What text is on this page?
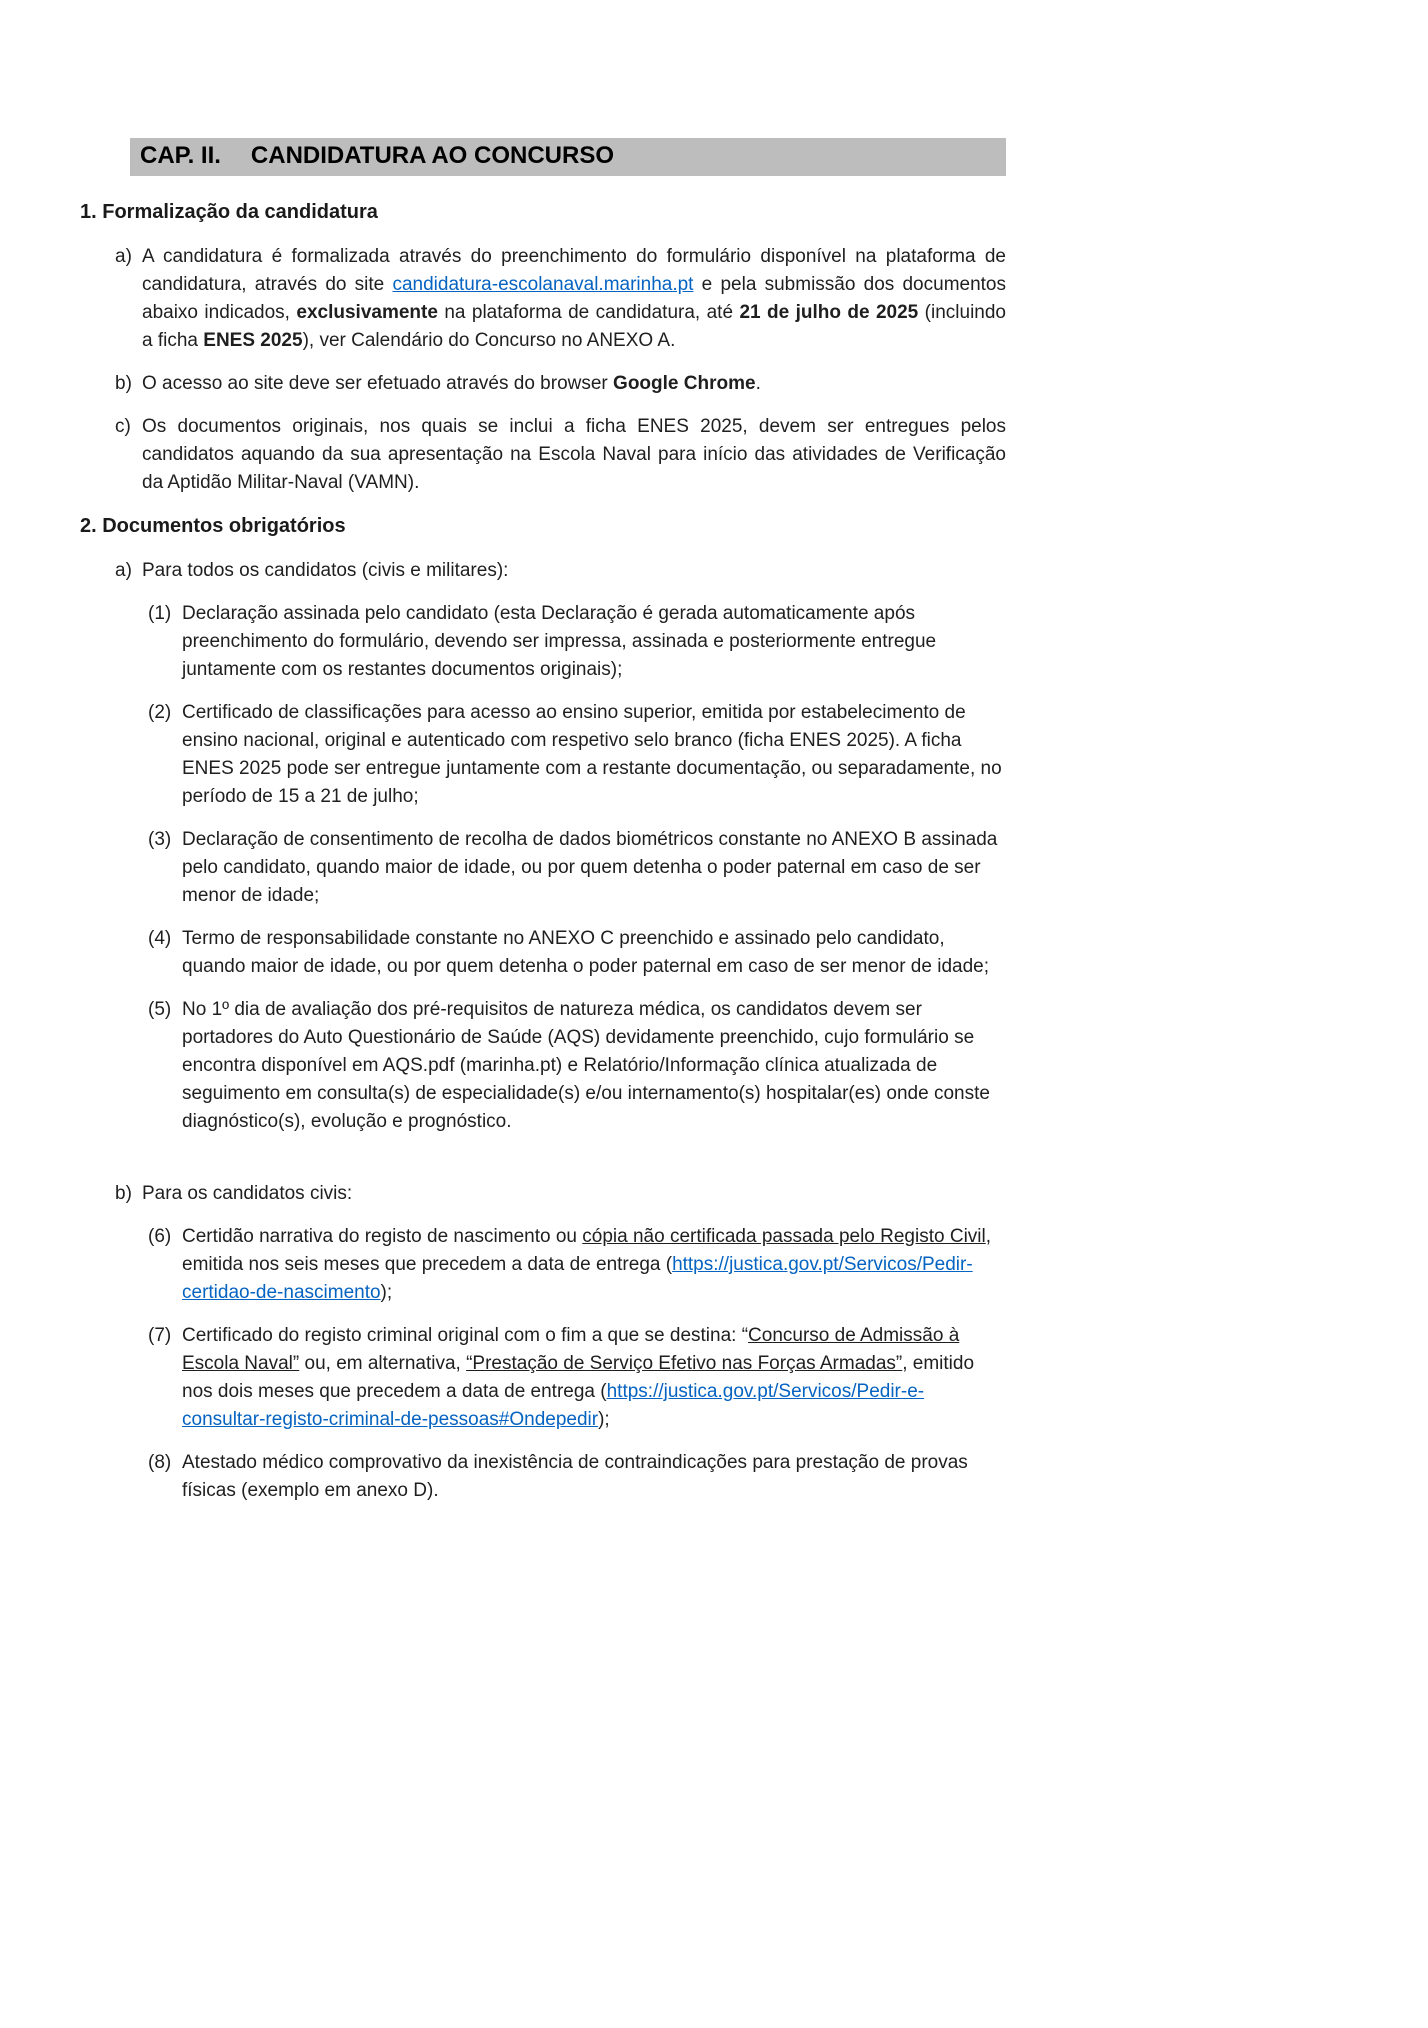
CAP. II. CANDIDATURA AO CONCURSO
1. Formalização da candidatura
a) A candidatura é formalizada através do preenchimento do formulário disponível na plataforma de candidatura, através do site candidatura-escolanaval.marinha.pt e pela submissão dos documentos abaixo indicados, exclusivamente na plataforma de candidatura, até 21 de julho de 2025 (incluindo a ficha ENES 2025), ver Calendário do Concurso no ANEXO A.

b) O acesso ao site deve ser efetuado através do browser Google Chrome.

c) Os documentos originais, nos quais se inclui a ficha ENES 2025, devem ser entregues pelos candidatos aquando da sua apresentação na Escola Naval para início das atividades de Verificação da Aptidão Militar-Naval (VAMN).

2. Documentos obrigatórios
a) Para todos os candidatos (civis e militares):

(1) Declaração assinada pelo candidato (esta Declaração é gerada automaticamente após preenchimento do formulário, devendo ser impressa, assinada e posteriormente entregue juntamente com os restantes documentos originais);

(2) Certificado de classificações para acesso ao ensino superior, emitida por estabelecimento de ensino nacional, original e autenticado com respetivo selo branco (ficha ENES 2025). A ficha ENES 2025 pode ser entregue juntamente com a restante documentação, ou separadamente, no período de 15 a 21 de julho;

(3) Declaração de consentimento de recolha de dados biométricos constante no ANEXO B assinada pelo candidato, quando maior de idade, ou por quem detenha o poder paternal em caso de ser menor de idade;

(4) Termo de responsabilidade constante no ANEXO C preenchido e assinado pelo candidato, quando maior de idade, ou por quem detenha o poder paternal em caso de ser menor de idade;

(5) No 1º dia de avaliação dos pré-requisitos de natureza médica, os candidatos devem ser portadores do Auto Questionário de Saúde (AQS) devidamente preenchido, cujo formulário se encontra disponível em AQS.pdf (marinha.pt) e Relatório/Informação clínica atualizada de seguimento em consulta(s) de especialidade(s) e/ou internamento(s) hospitalar(es) onde conste diagnóstico(s), evolução e prognóstico.

b) Para os candidatos civis:

(6) Certidão narrativa do registo de nascimento ou cópia não certificada passada pelo Registo Civil, emitida nos seis meses que precedem a data de entrega (https://justica.gov.pt/Servicos/Pedir-certidao-de-nascimento);

(7) Certificado do registo criminal original com o fim a que se destina: “Concurso de Admissão à Escola Naval” ou, em alternativa, “Prestação de Serviço Efetivo nas Forças Armadas”, emitido nos dois meses que precedem a data de entrega (https://justica.gov.pt/Servicos/Pedir-e-consultar-registo-criminal-de-pessoas#Ondepedir);

(8) Atestado médico comprovativo da inexistência de contraindicações para prestação de provas físicas (exemplo em anexo D).
